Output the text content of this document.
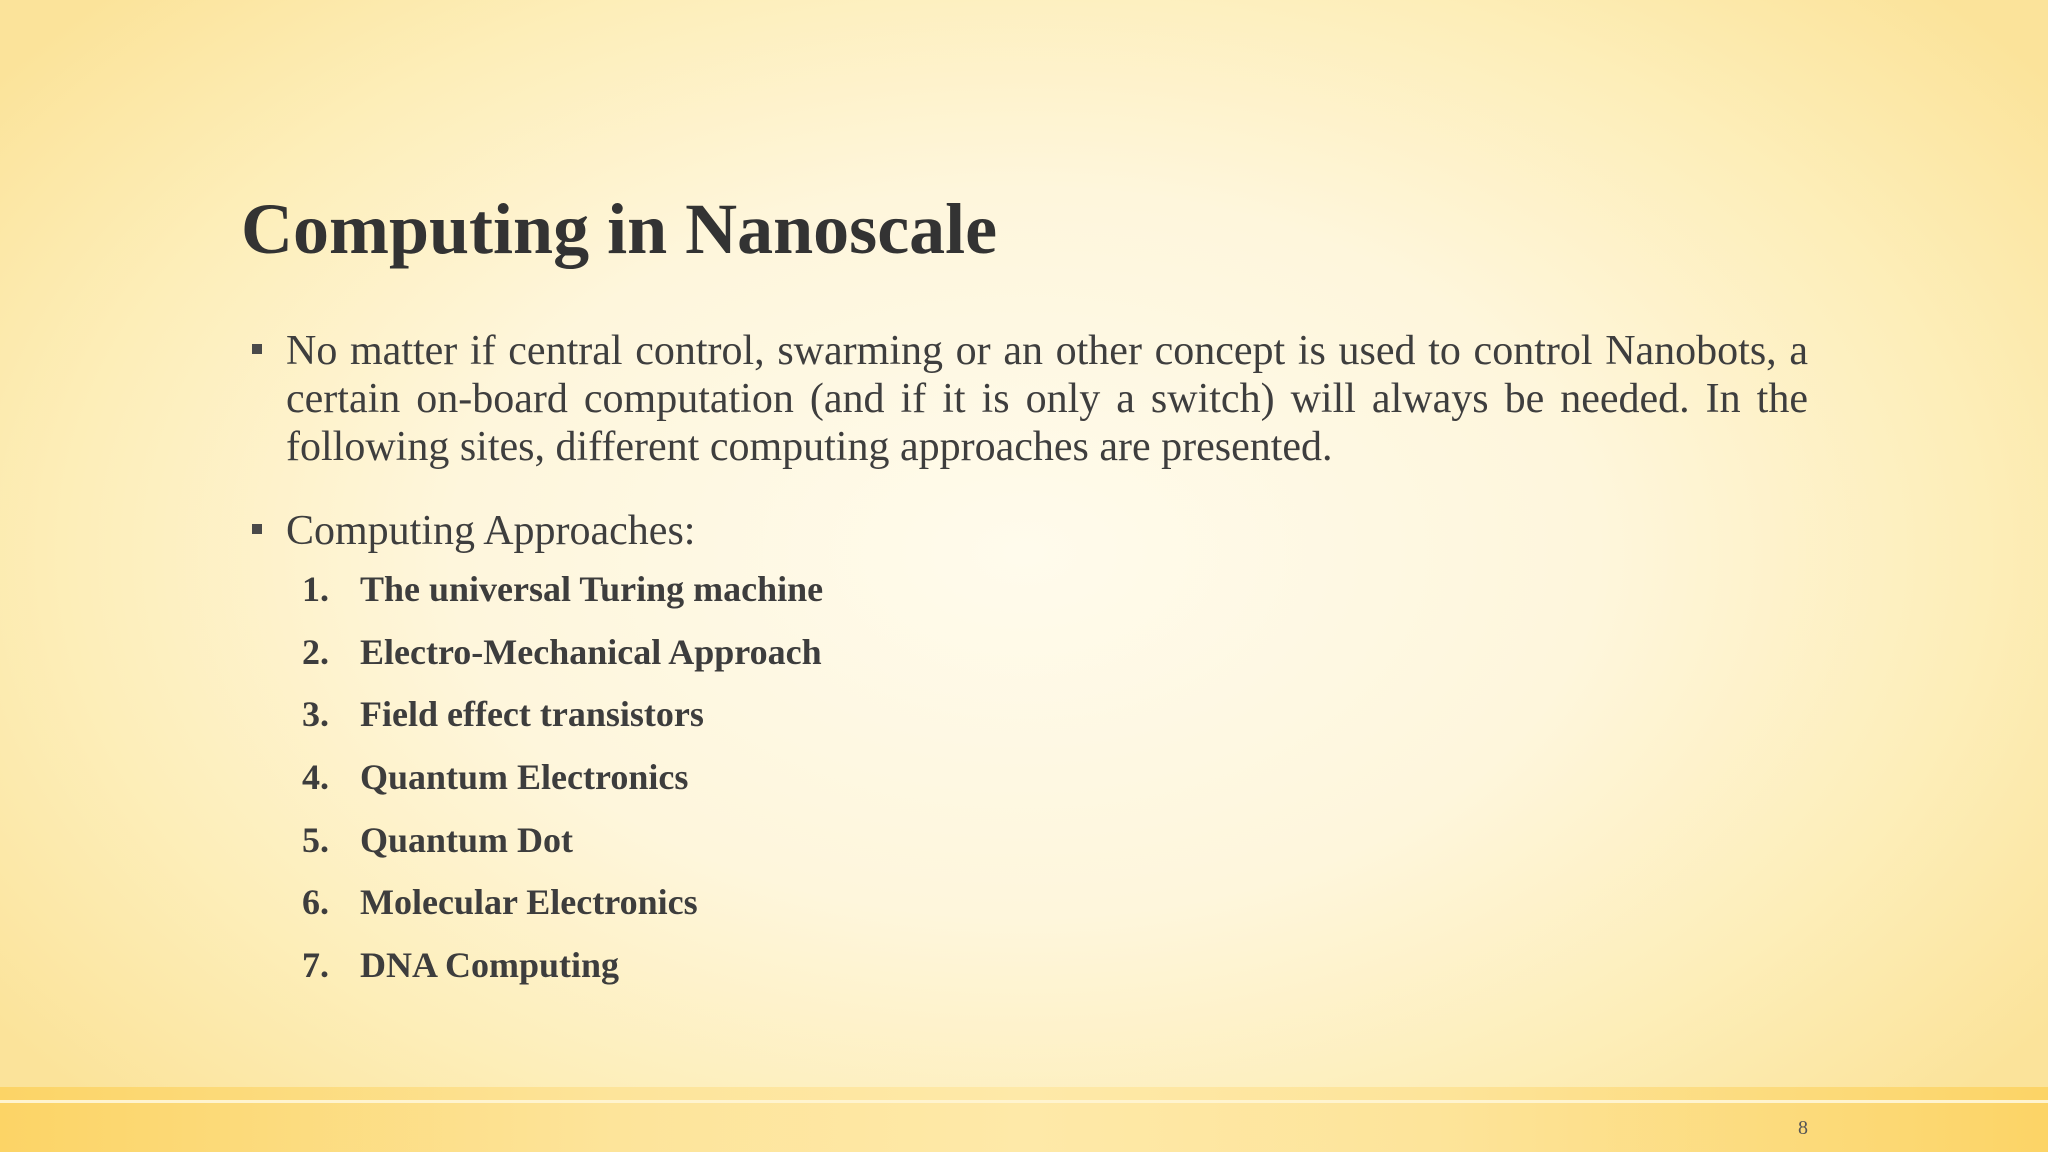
Computing in Nanoscale
No matter if central control, swarming or an other concept is used to control Nanobots, a certain on-board computation (and if it is only a switch) will always be needed. In the following sites, different computing approaches are presented.
Computing Approaches:
1. The universal Turing machine
2. Electro-Mechanical Approach
3. Field effect transistors
4. Quantum Electronics
5. Quantum Dot
6. Molecular Electronics
7. DNA Computing
8
